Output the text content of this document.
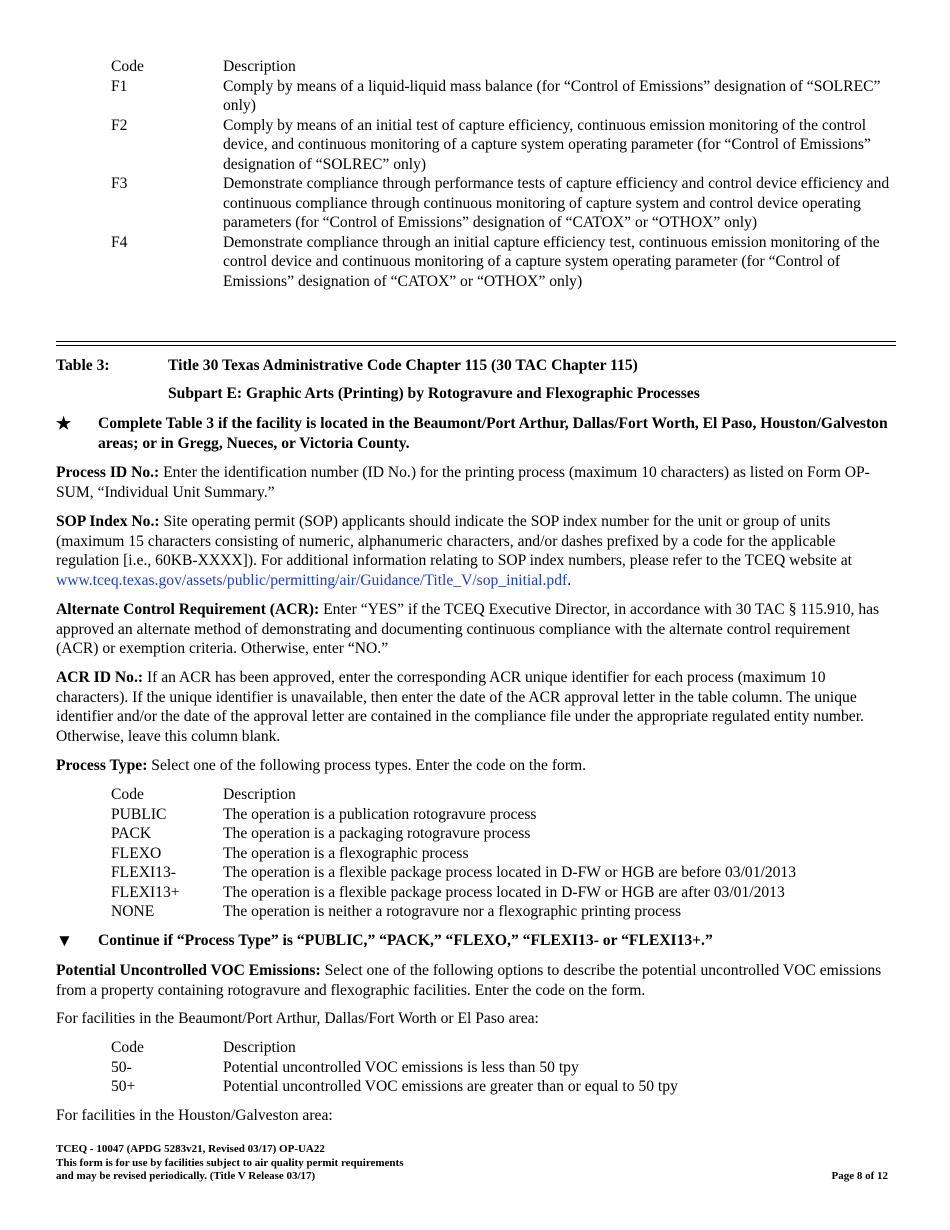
Code	Description
F1	Comply by means of a liquid-liquid mass balance (for “Control of Emissions” designation of “SOLREC” only)
F2	Comply by means of an initial test of capture efficiency, continuous emission monitoring of the control device, and continuous monitoring of a capture system operating parameter (for “Control of Emissions” designation of “SOLREC” only)
F3	Demonstrate compliance through performance tests of capture efficiency and control device efficiency and continuous compliance through continuous monitoring of capture system and control device operating parameters (for “Control of Emissions” designation of “CATOX” or “OTHOX” only)
F4	Demonstrate compliance through an initial capture efficiency test, continuous emission monitoring of the control device and continuous monitoring of a capture system operating parameter (for “Control of Emissions” designation of “CATOX” or “OTHOX” only)
Table 3:	Title 30 Texas Administrative Code Chapter 115 (30 TAC Chapter 115)
Subpart E: Graphic Arts (Printing) by Rotogravure and Flexographic Processes
★	Complete Table 3 if the facility is located in the Beaumont/Port Arthur, Dallas/Fort Worth, El Paso, Houston/Galveston areas; or in Gregg, Nueces, or Victoria County.
Process ID No.: Enter the identification number (ID No.) for the printing process (maximum 10 characters) as listed on Form OP-SUM, “Individual Unit Summary.”
SOP Index No.: Site operating permit (SOP) applicants should indicate the SOP index number for the unit or group of units (maximum 15 characters consisting of numeric, alphanumeric characters, and/or dashes prefixed by a code for the applicable regulation [i.e., 60KB-XXXX]). For additional information relating to SOP index numbers, please refer to the TCEQ website at www.tceq.texas.gov/assets/public/permitting/air/Guidance/Title_V/sop_initial.pdf.
Alternate Control Requirement (ACR): Enter “YES” if the TCEQ Executive Director, in accordance with 30 TAC § 115.910, has approved an alternate method of demonstrating and documenting continuous compliance with the alternate control requirement (ACR) or exemption criteria. Otherwise, enter “NO.”
ACR ID No.: If an ACR has been approved, enter the corresponding ACR unique identifier for each process (maximum 10 characters). If the unique identifier is unavailable, then enter the date of the ACR approval letter in the table column. The unique identifier and/or the date of the approval letter are contained in the compliance file under the appropriate regulated entity number. Otherwise, leave this column blank.
Process Type: Select one of the following process types. Enter the code on the form.
Code	Description
PUBLIC	The operation is a publication rotogravure process
PACK	The operation is a packaging rotogravure process
FLEXO	The operation is a flexographic process
FLEXI13-	The operation is a flexible package process located in D-FW or HGB are before 03/01/2013
FLEXI13+	The operation is a flexible package process located in D-FW or HGB are after 03/01/2013
NONE	The operation is neither a rotogravure nor a flexographic printing process
▼	Continue if “Process Type” is “PUBLIC,” “PACK,” “FLEXO,” “FLEXI13- or “FLEXI13+.”
Potential Uncontrolled VOC Emissions: Select one of the following options to describe the potential uncontrolled VOC emissions from a property containing rotogravure and flexographic facilities. Enter the code on the form.
For facilities in the Beaumont/Port Arthur, Dallas/Fort Worth or El Paso area:
Code	Description
50-	Potential uncontrolled VOC emissions is less than 50 tpy
50+	Potential uncontrolled VOC emissions are greater than or equal to 50 tpy
For facilities in the Houston/Galveston area:
TCEQ - 10047 (APDG 5283v21, Revised 03/17) OP-UA22
This form is for use by facilities subject to air quality permit requirements
and may be revised periodically. (Title V Release 03/17)	Page 8 of 12
